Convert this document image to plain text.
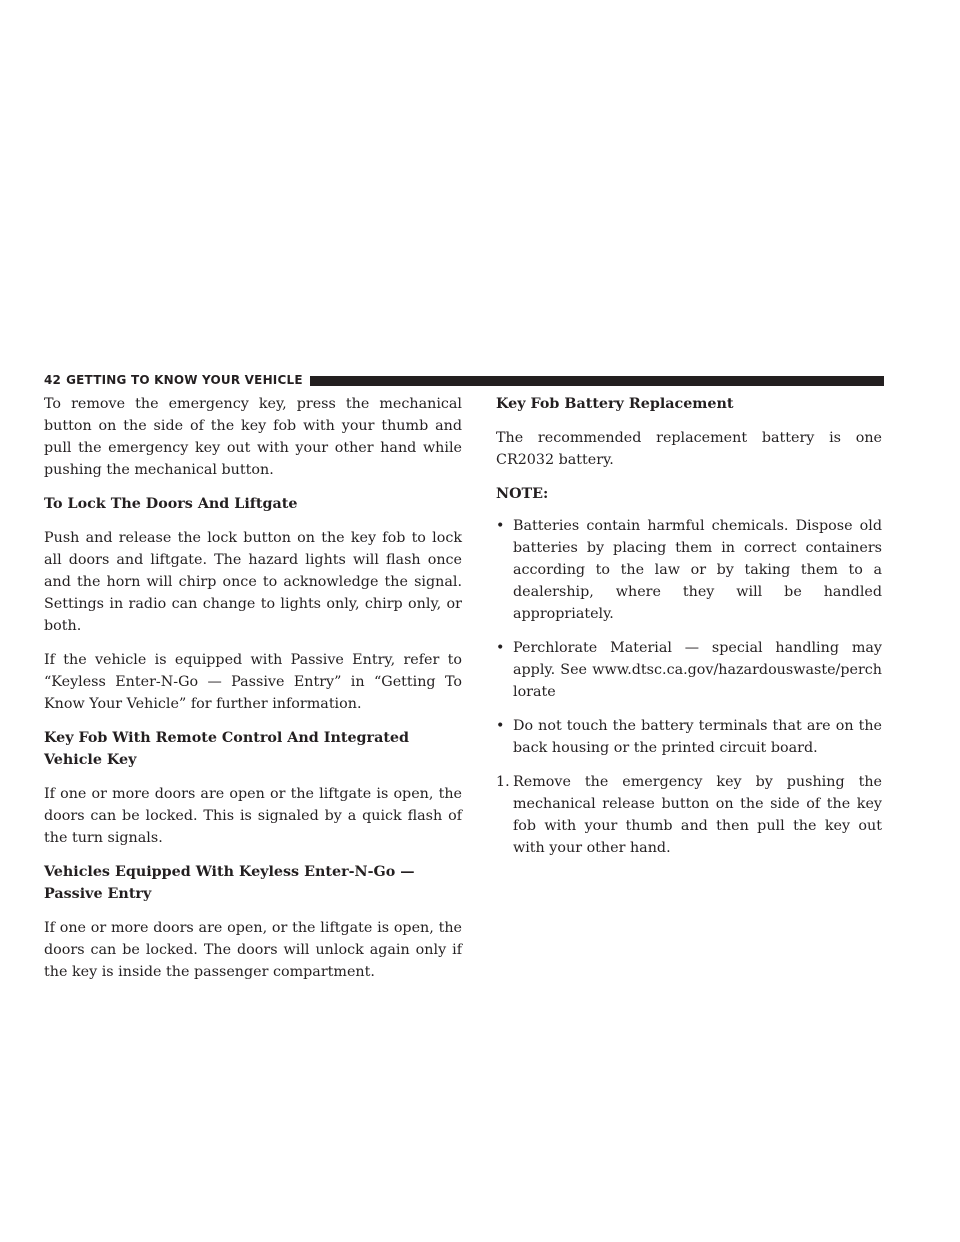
42 GETTING TO KNOW YOUR VEHICLE

To remove the emergency key, press the mechanical button on the side of the key fob with your thumb and pull the emergency key out with your other hand while pushing the mechanical button.

To Lock The Doors And Liftgate

Push and release the lock button on the key fob to lock all doors and liftgate. The hazard lights will flash once and the horn will chirp once to acknowledge the signal. Settings in radio can change to lights only, chirp only, or both.

If the vehicle is equipped with Passive Entry, refer to “Keyless Enter-N-Go — Passive Entry” in “Getting To Know Your Vehicle” for further information.

Key Fob With Remote Control And Integrated Vehicle Key

If one or more doors are open or the liftgate is open, the doors can be locked. This is signaled by a quick flash of the turn signals.

Vehicles Equipped With Keyless Enter-N-Go — Passive Entry

If one or more doors are open, or the liftgate is open, the doors can be locked. The doors will unlock again only if the key is inside the passenger compartment.

Key Fob Battery Replacement

The recommended replacement battery is one CR2032 battery.

NOTE:
• Batteries contain harmful chemicals. Dispose old batteries by placing them in correct containers according to the law or by taking them to a dealership, where they will be handled appropriately.
• Perchlorate Material — special handling may apply. See www.dtsc.ca.gov/hazardouswaste/perchlorate
• Do not touch the battery terminals that are on the back housing or the printed circuit board.
1. Remove the emergency key by pushing the mechanical release button on the side of the key fob with your thumb and then pull the key out with your other hand.
